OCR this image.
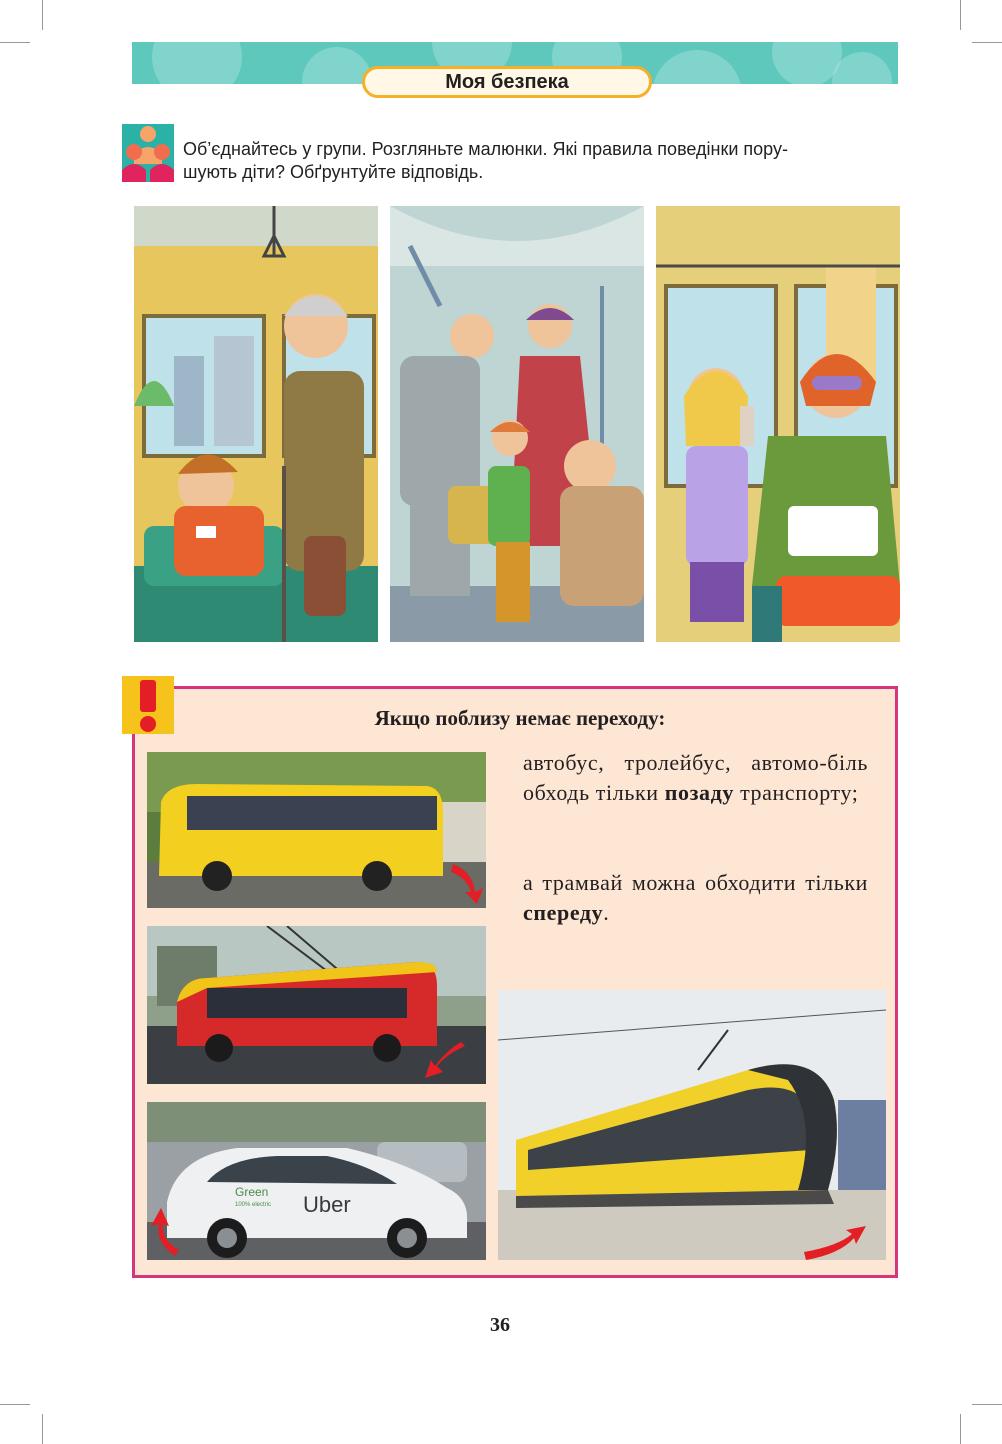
Моя безпека
Об’єднайтесь у групи. Розгляньте малюнки. Які правила поведінки пору-
шують діти? Обґрунтуйте відповідь.
Якщо поблизу немає переходу:
Green
100% electric Uber
автобус, тролейбус, автомо-біль обходь тільки позаду транспорту;
а трамвай можна обходити тільки спереду.
36
